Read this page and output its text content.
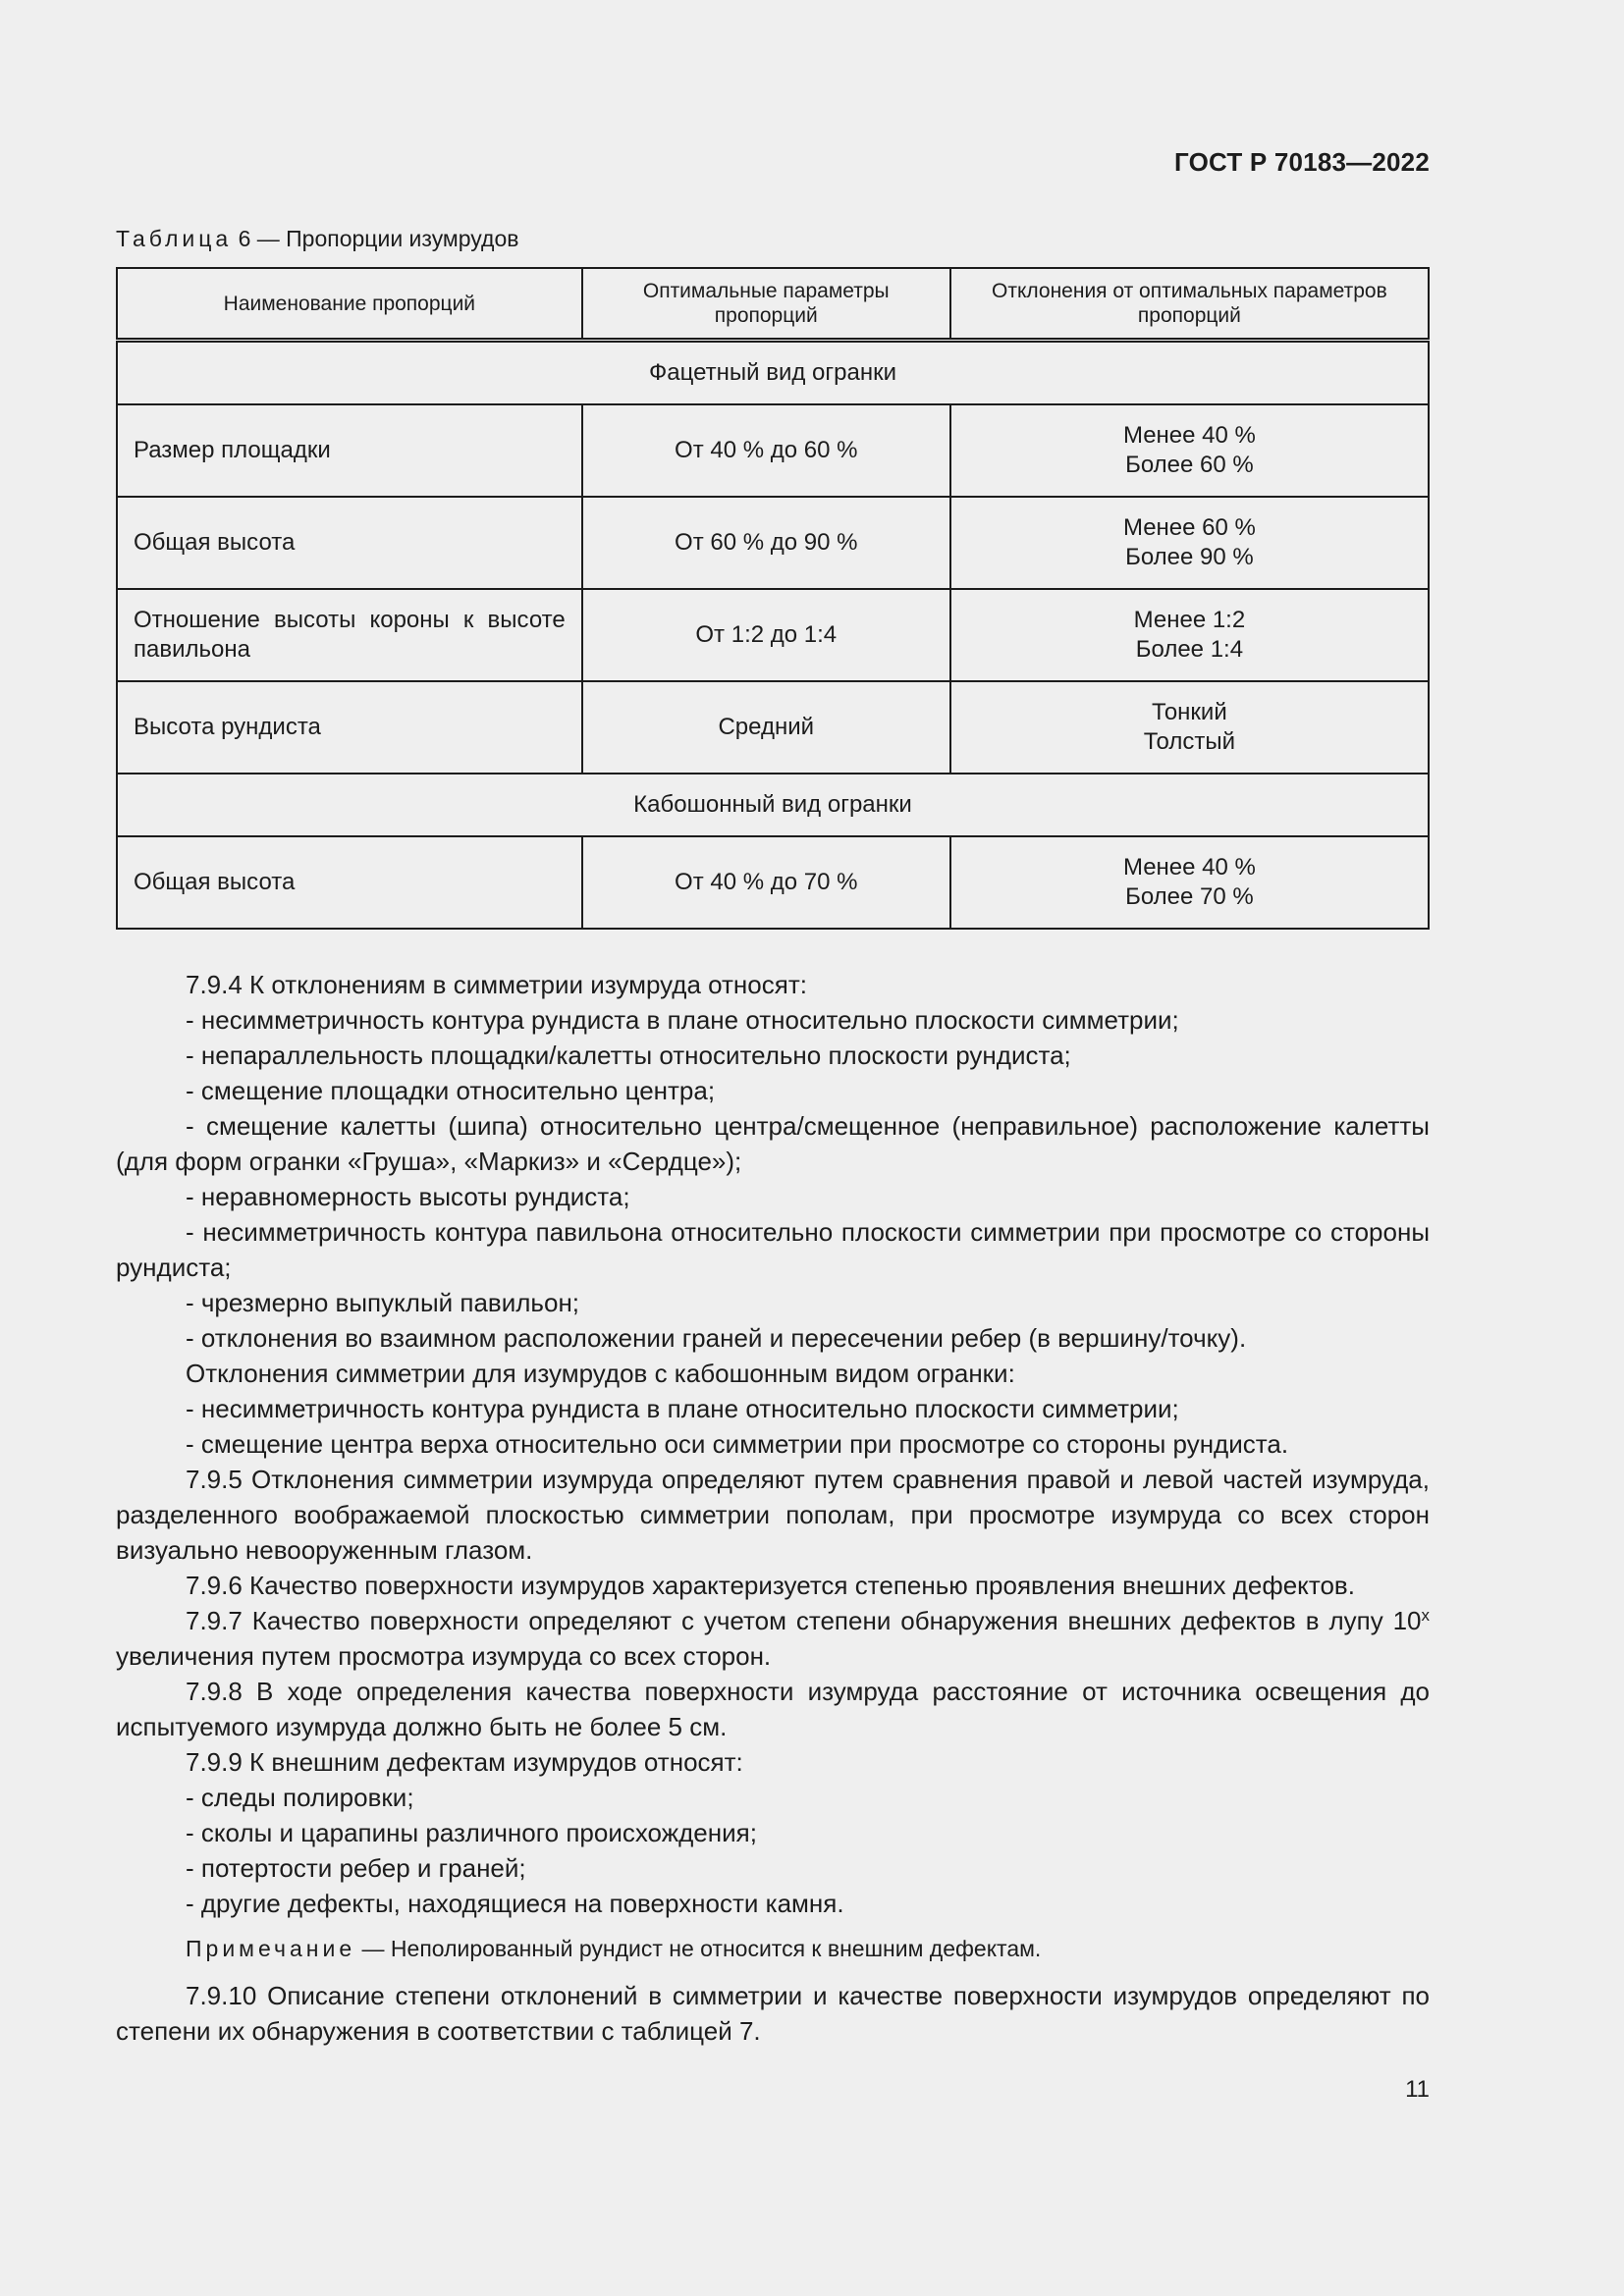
ГОСТ Р 70183—2022
Таблица 6 — Пропорции изумрудов
Наименование пропорций	Оптимальные параметры пропорций	Отклонения от оптимальных параметров пропорций
Фацетный вид огранки		
Размер площадки	От 40 % до 60 %	Менее 40 %
Более 60 %

Общая высота	От 60 % до 90 %	Менее 60 %
Более 90 %

Отношение высоты короны к высоте павильона	От 1:2 до 1:4	Менее 1:2
Более 1:4

Высота рундиста	Средний	Тонкий
Толстый

Кабошонный вид огранки		
Общая высота	От 40 % до 70 %	Менее 40 %
Более 70 %

7.9.4 К отклонениям в симметрии изумруда относят:

- несимметричность контура рундиста в плане относительно плоскости симметрии;

- непараллельность площадки/калетты относительно плоскости рундиста;

- смещение площадки относительно центра;

- смещение калетты (шипа) относительно центра/смещенное (неправильное) расположение калетты (для форм огранки «Груша», «Маркиз» и «Сердце»);

- неравномерность высоты рундиста;

- несимметричность контура павильона относительно плоскости симметрии при просмотре со стороны рундиста;

- чрезмерно выпуклый павильон;

- отклонения во взаимном расположении граней и пересечении ребер (в вершину/точку).

Отклонения симметрии для изумрудов с кабошонным видом огранки:

- несимметричность контура рундиста в плане относительно плоскости симметрии;

- смещение центра верха относительно оси симметрии при просмотре со стороны рундиста.

7.9.5 Отклонения симметрии изумруда определяют путем сравнения правой и левой частей изумруда, разделенного воображаемой плоскостью симметрии пополам, при просмотре изумруда со всех сторон визуально невооруженным глазом.

7.9.6 Качество поверхности изумрудов характеризуется степенью проявления внешних дефектов.

7.9.7 Качество поверхности определяют с учетом степени обнаружения внешних дефектов в лупу $10^х$ увеличения путем просмотра изумруда со всех сторон.

7.9.8 В ходе определения качества поверхности изумруда расстояние от источника освещения до испытуемого изумруда должно быть не более 5 см.

7.9.9 К внешним дефектам изумрудов относят:

- следы полировки;

- сколы и царапины различного происхождения;

- потертости ребер и граней;

- другие дефекты, находящиеся на поверхности камня.

Примечание — Неполированный рундист не относится к внешним дефектам.

7.9.10 Описание степени отклонений в симметрии и качестве поверхности изумрудов определяют по степени их обнаружения в соответствии с таблицей 7.

11
